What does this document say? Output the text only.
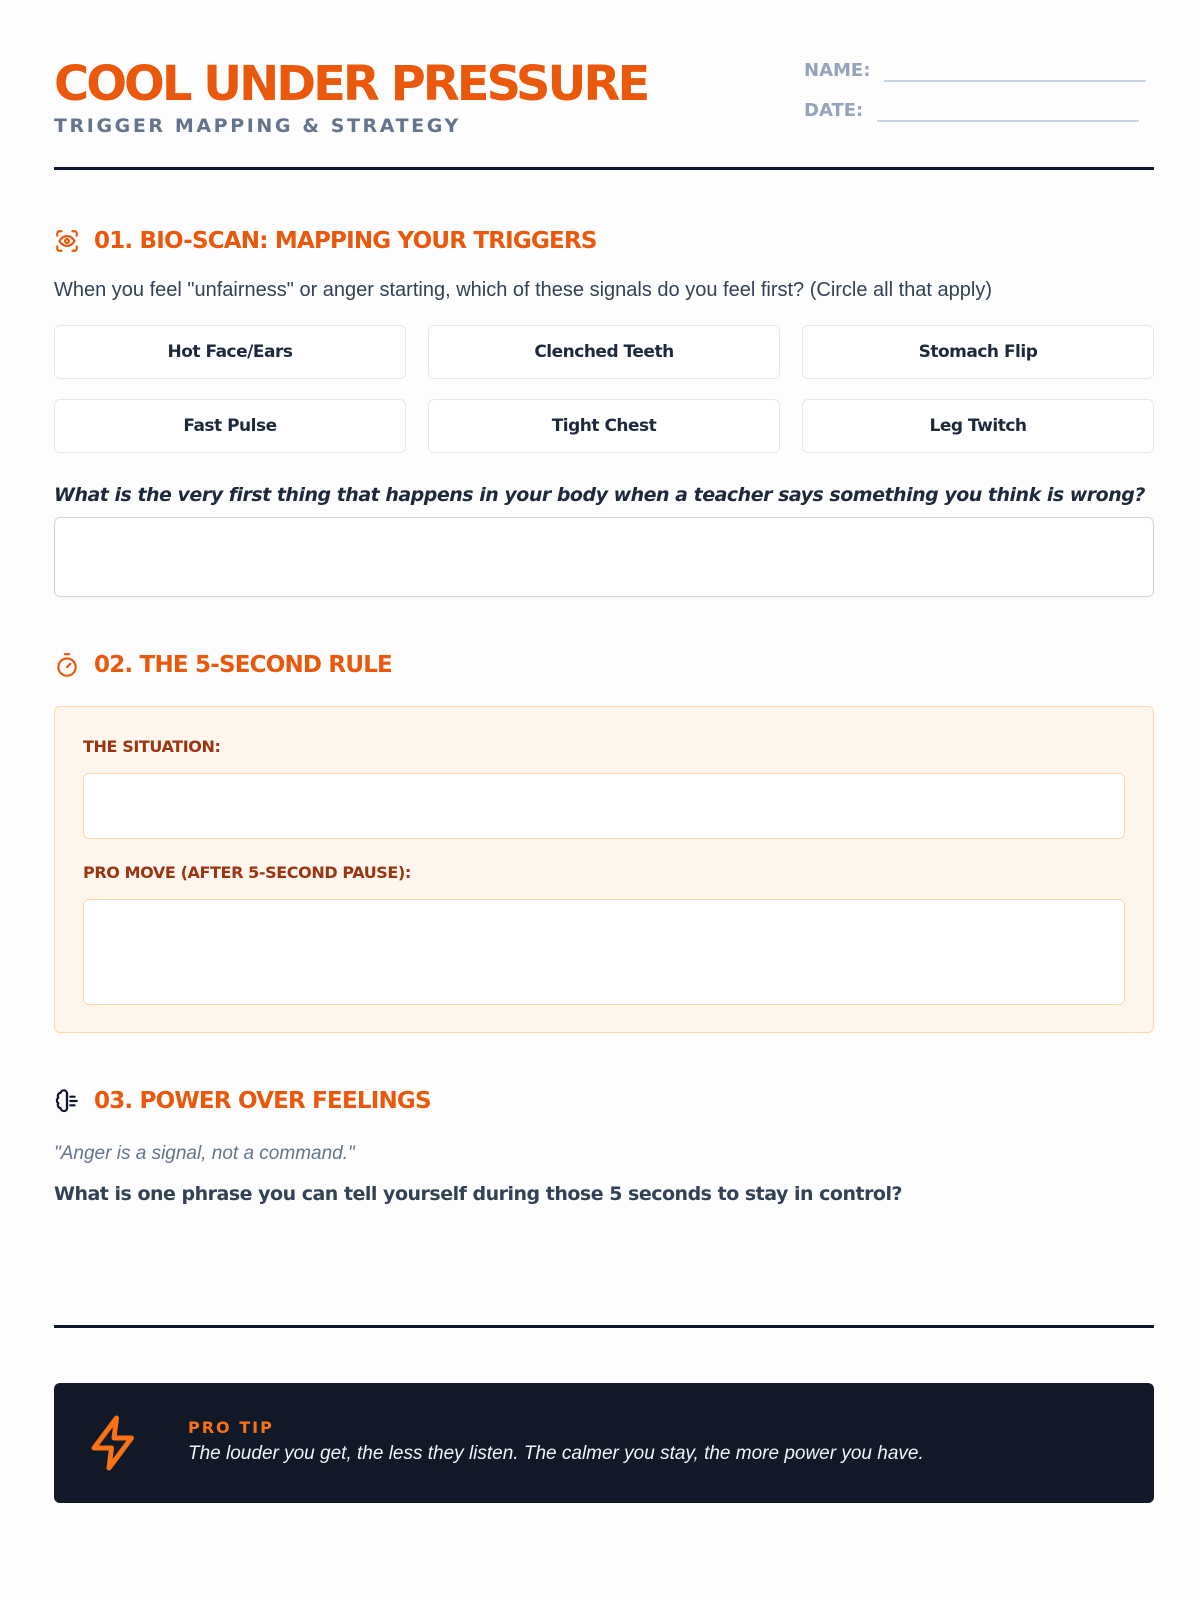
COOL UNDER PRESSURE
TRIGGER MAPPING & STRATEGY
NAME:
DATE:
01. BIO-SCAN: MAPPING YOUR TRIGGERS
When you feel "unfairness" or anger starting, which of these signals do you feel first? (Circle all that apply)
Hot Face/Ears	Clenched Teeth	Stomach Flip
Fast Pulse	Tight Chest	Leg Twitch
What is the very first thing that happens in your body when a teacher says something you think is wrong?
02. THE 5-SECOND RULE
THE SITUATION:
PRO MOVE (AFTER 5-SECOND PAUSE):
03. POWER OVER FEELINGS
"Anger is a signal, not a command."
What is one phrase you can tell yourself during those 5 seconds to stay in control?
PRO TIP
The louder you get, the less they listen. The calmer you stay, the more power you have.
